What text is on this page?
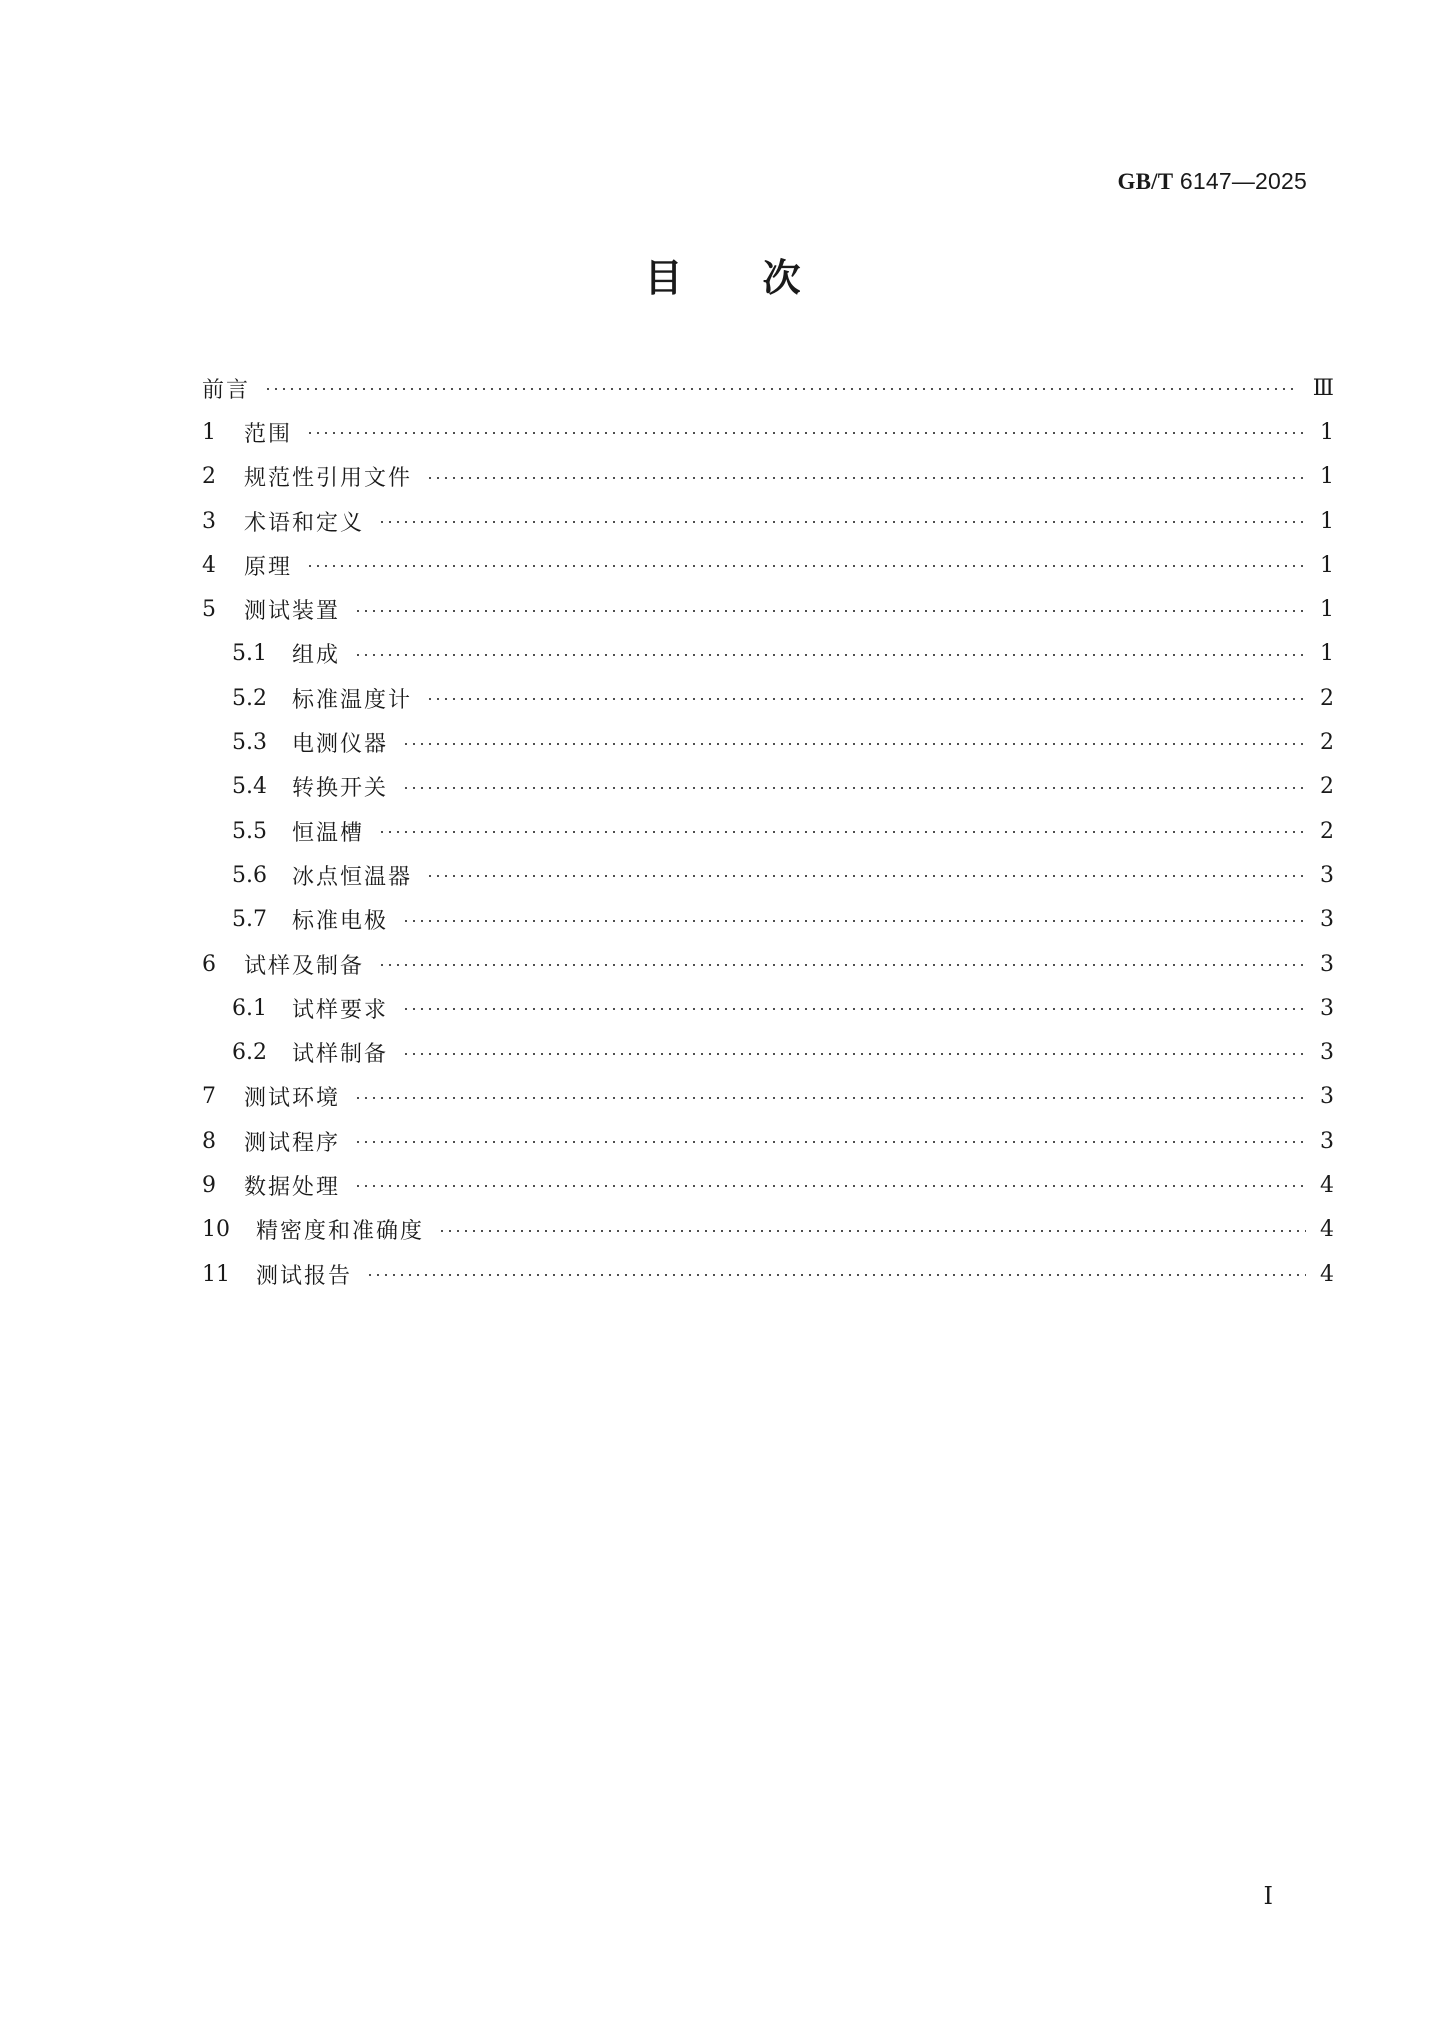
GB/T 6147—2025
目次
前言	Ⅲ
1	范围	1
2	规范性引用文件	1
3	术语和定义	1
4	原理	1
5	测试装置	1
5.1	组成	1
5.2	标准温度计	2
5.3	电测仪器	2
5.4	转换开关	2
5.5	恒温槽	2
5.6	冰点恒温器	3
5.7	标准电极	3
6	试样及制备	3
6.1	试样要求	3
6.2	试样制备	3
7	测试环境	3
8	测试程序	3
9	数据处理	4
10	精密度和准确度	4
11	测试报告	4
I
